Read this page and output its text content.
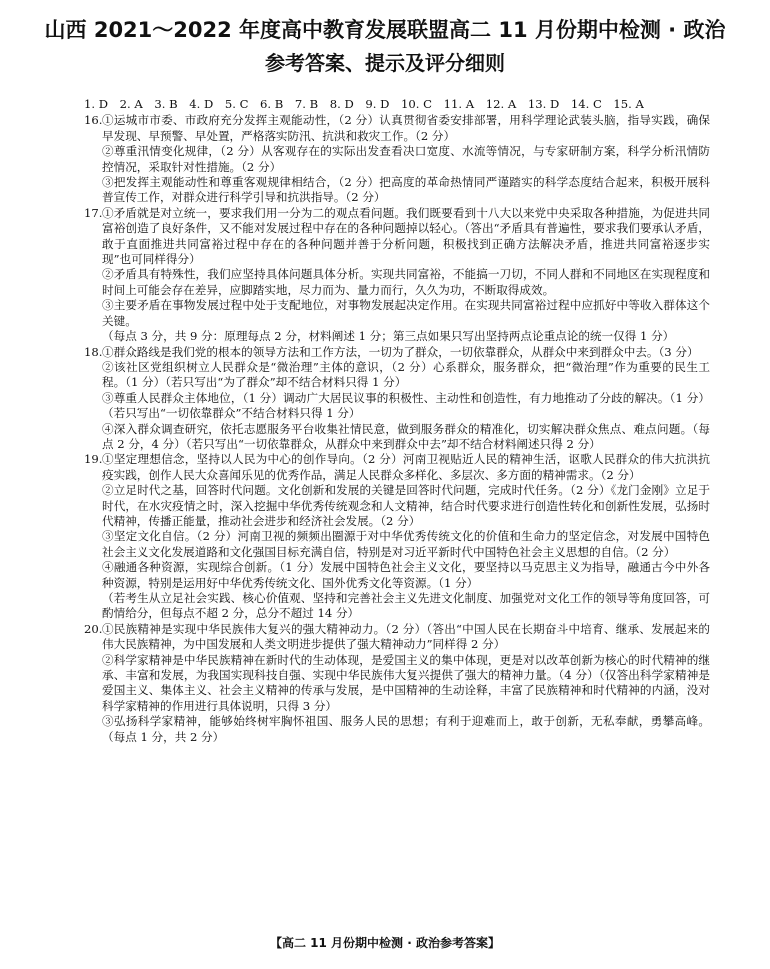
山西 2021～2022 年度高中教育发展联盟高二 11 月份期中检测 · 政治
参考答案、提示及评分细则
1. D　2. A　3. B　4. D　5. C　6. B　7. B　8. D　9. D　10. C　11. A　12. A　13. D　14. C　15. A
16. ①运城市市委、市政府充分发挥主观能动性，（2 分）认真贯彻省委安排部署，用科学理论武装头脑，指导实践，确保早发现、早预警、早处置，严格落实防汛、抗洪和救灾工作。（2 分）

②尊重汛情变化规律，（2 分）从客观存在的实际出发查看决口宽度、水流等情况，与专家研制方案，科学分析汛情防控情况，采取针对性措施。（2 分）

③把发挥主观能动性和尊重客观规律相结合，（2 分）把高度的革命热情同严谨踏实的科学态度结合起来，积极开展科普宣传工作，对群众进行科学引导和抗洪指导。（2 分）

17. ①矛盾就是对立统一，要求我们用一分为二的观点看问题。我们既要看到十八大以来党中央采取各种措施，为促进共同富裕创造了良好条件，又不能对发展过程中存在的各种问题掉以轻心。（答出“矛盾具有普遍性，要求我们要承认矛盾，敢于直面推进共同富裕过程中存在的各种问题并善于分析问题，积极找到正确方法解决矛盾，推进共同富裕逐步实现”也可同样得分）

②矛盾具有特殊性，我们应坚持具体问题具体分析。实现共同富裕，不能搞一刀切，不同人群和不同地区在实现程度和时间上可能会存在差异，应脚踏实地，尽力而为、量力而行，久久为功，不断取得成效。

③主要矛盾在事物发展过程中处于支配地位，对事物发展起决定作用。在实现共同富裕过程中应抓好中等收入群体这个关键。

（每点 3 分，共 9 分：原理每点 2 分，材料阐述 1 分；第三点如果只写出坚持两点论重点论的统一仅得 1 分）

18. ①群众路线是我们党的根本的领导方法和工作方法，一切为了群众，一切依靠群众，从群众中来到群众中去。（3 分）

②该社区党组织树立人民群众是“微治理”主体的意识，（2 分）心系群众，服务群众，把“微治理”作为重要的民生工程。（1 分）（若只写出“为了群众”却不结合材料只得 1 分）

③尊重人民群众主体地位，（1 分）调动广大居民议事的积极性、主动性和创造性，有力地推动了分歧的解决。（1 分）（若只写出“一切依靠群众”不结合材料只得 1 分）

④深入群众调查研究，依托志愿服务平台收集社情民意，做到服务群众的精准化，切实解决群众焦点、难点问题。（每点 2 分，4 分）（若只写出“一切依靠群众，从群众中来到群众中去”却不结合材料阐述只得 2 分）

19. ①坚定理想信念，坚持以人民为中心的创作导向。（2 分）河南卫视贴近人民的精神生活，讴歌人民群众的伟大抗洪抗疫实践，创作人民大众喜闻乐见的优秀作品，满足人民群众多样化、多层次、多方面的精神需求。（2 分）

②立足时代之基，回答时代问题。文化创新和发展的关键是回答时代问题，完成时代任务。（2 分）《龙门金刚》立足于时代，在水灾疫情之时，深入挖掘中华优秀传统观念和人文精神，结合时代要求进行创造性转化和创新性发展，弘扬时代精神，传播正能量，推动社会进步和经济社会发展。（2 分）

③坚定文化自信。（2 分）河南卫视的频频出圈源于对中华优秀传统文化的价值和生命力的坚定信念，对发展中国特色社会主义文化发展道路和文化强国目标充满自信，特别是对习近平新时代中国特色社会主义思想的自信。（2 分）

④融通各种资源，实现综合创新。（1 分）发展中国特色社会主义文化，要坚持以马克思主义为指导，融通古今中外各种资源，特别是运用好中华优秀传统文化、国外优秀文化等资源。（1 分）

（若考生从立足社会实践、核心价值观、坚持和完善社会主义先进文化制度、加强党对文化工作的领导等角度回答，可酌情给分，但每点不超 2 分，总分不超过 14 分）

20. ①民族精神是实现中华民族伟大复兴的强大精神动力。（2 分）（答出“中国人民在长期奋斗中培育、继承、发展起来的伟大民族精神，为中国发展和人类文明进步提供了强大精神动力”同样得 2 分）

②科学家精神是中华民族精神在新时代的生动体现，是爱国主义的集中体现，更是对以改革创新为核心的时代精神的继承、丰富和发展，为我国实现科技自强、实现中华民族伟大复兴提供了强大的精神力量。（4 分）（仅答出科学家精神是爱国主义、集体主义、社会主义精神的传承与发展，是中国精神的生动诠释，丰富了民族精神和时代精神的内涵，没对科学家精神的作用进行具体说明，只得 3 分）

③弘扬科学家精神，能够始终树牢胸怀祖国、服务人民的思想；有利于迎难而上，敢于创新，无私奉献，勇攀高峰。（每点 1 分，共 2 分）

【高二 11 月份期中检测 · 政治参考答案】
